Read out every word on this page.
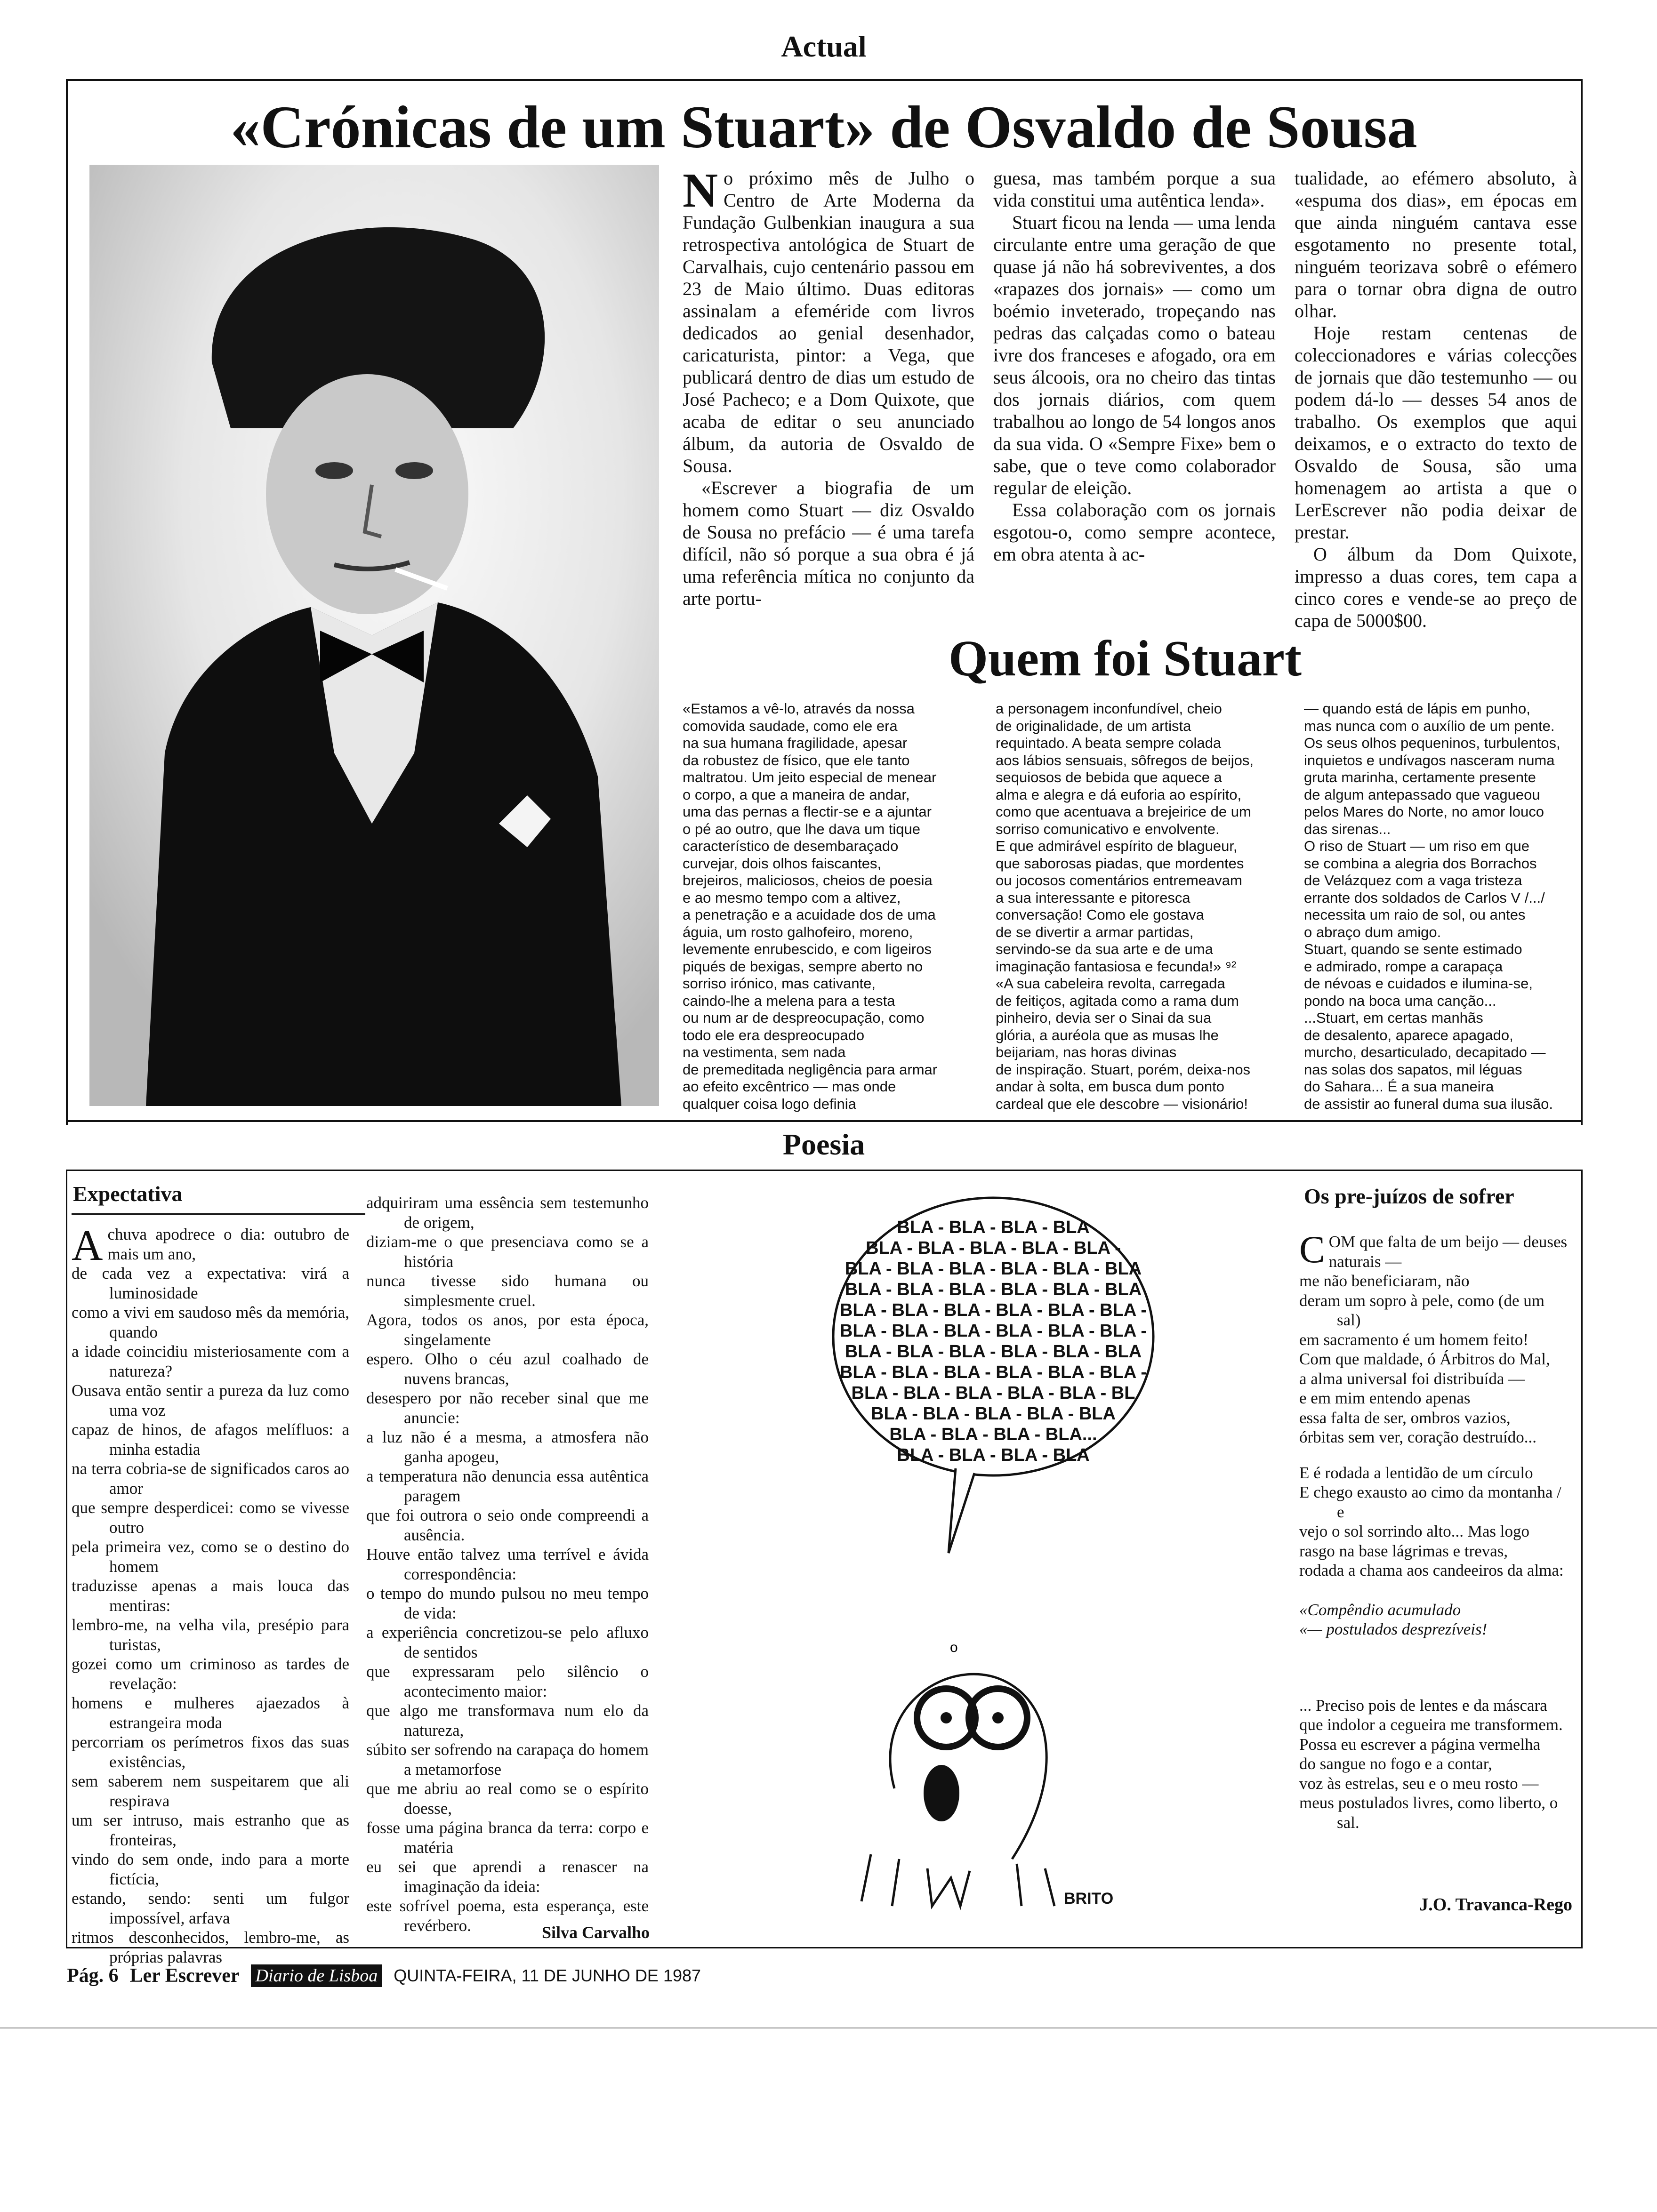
Actual
«Crónicas de um Stuart» de Osvaldo de Sousa
N o próximo mês de Julho o Centro de Arte Moderna da Fundação Gulbenkian inaugura a sua retrospectiva antológica de Stuart de Carvalhais, cujo centenário passou em 23 de Maio último. Duas editoras assinalam a efeméride com livros dedicados ao genial desenhador, caricaturista, pintor: a Vega, que publicará dentro de dias um estudo de José Pacheco; e a Dom Quixote, que acaba de editar o seu anunciado álbum, da autoria de Osvaldo de Sousa.

«Escrever a biografia de um homem como Stuart — diz Osvaldo de Sousa no prefácio — é uma tarefa difícil, não só porque a sua obra é já uma referência mítica no conjunto da arte portu-

guesa, mas também porque a sua vida constitui uma autêntica lenda».

Stuart ficou na lenda — uma lenda circulante entre uma geração de que quase já não há sobreviventes, a dos «rapazes dos jornais» — como um boémio inveterado, tropeçando nas pedras das calçadas como o bateau ivre dos franceses e afogado, ora em seus álcoois, ora no cheiro das tintas dos jornais diários, com quem trabalhou ao longo de 54 longos anos da sua vida. O «Sempre Fixe» bem o sabe, que o teve como colaborador regular de eleição.

Essa colaboração com os jornais esgotou-o, como sempre acontece, em obra atenta à ac-

tualidade, ao efémero absoluto, à «espuma dos dias», em épocas em que ainda ninguém cantava esse esgotamento no presente total, ninguém teorizava sobrê o efémero para o tornar obra digna de outro olhar.

Hoje restam centenas de coleccionadores e várias colecções de jornais que dão testemunho — ou podem dá-lo — desses 54 anos de trabalho. Os exemplos que aqui deixamos, e o extracto do texto de Osvaldo de Sousa, são uma homenagem ao artista a que o LerEscrever não podia deixar de prestar.

O álbum da Dom Quixote, impresso a duas cores, tem capa a cinco cores e vende-se ao preço de capa de 5000$00.

Quem foi Stuart
«Estamos a vê-lo, através da nossa
comovida saudade, como ele era
na sua humana fragilidade, apesar
da robustez de físico, que ele tanto
maltratou. Um jeito especial de menear
o corpo, a que a maneira de andar,
uma das pernas a flectir-se e a ajuntar
o pé ao outro, que lhe dava um tique
característico de desembaraçado
curvejar, dois olhos faiscantes,
brejeiros, maliciosos, cheios de poesia
e ao mesmo tempo com a altivez,
a penetração e a acuidade dos de uma
águia, um rosto galhofeiro, moreno,
levemente enrubescido, e com ligeiros
piqués de bexigas, sempre aberto no
sorriso irónico, mas cativante,
caindo-lhe a melena para a testa
ou num ar de despreocupação, como
todo ele era despreocupado
na vestimenta, sem nada
de premeditada negligência para armar
ao efeito excêntrico — mas onde
qualquer coisa logo definia
a personagem inconfundível, cheio
de originalidade, de um artista
requintado. A beata sempre colada
aos lábios sensuais, sôfregos de beijos,
sequiosos de bebida que aquece a
alma e alegra e dá euforia ao espírito,
como que acentuava a brejeirice de um
sorriso comunicativo e envolvente.
E que admirável espírito de blagueur,
que saborosas piadas, que mordentes
ou jocosos comentários entremeavam
a sua interessante e pitoresca
conversação! Como ele gostava
de se divertir a armar partidas,
servindo-se da sua arte e de uma
imaginação fantasiosa e fecunda!» ⁹²
«A sua cabeleira revolta, carregada
de feitiços, agitada como a rama dum
pinheiro, devia ser o Sinai da sua
glória, a auréola que as musas lhe
beijariam, nas horas divinas
de inspiração. Stuart, porém, deixa-nos
andar à solta, em busca dum ponto
cardeal que ele descobre — visionário!
— quando está de lápis em punho,
mas nunca com o auxílio de um pente.
Os seus olhos pequeninos, turbulentos,
inquietos e undívagos nasceram numa
gruta marinha, certamente presente
de algum antepassado que vagueou
pelos Mares do Norte, no amor louco
das sirenas...
O riso de Stuart — um riso em que
se combina a alegria dos Borrachos
de Velázquez com a vaga tristeza
errante dos soldados de Carlos V /.../
necessita um raio de sol, ou antes
o abraço dum amigo.
Stuart, quando se sente estimado
e admirado, rompe a carapaça
de névoas e cuidados e ilumina-se,
pondo na boca uma canção...
...Stuart, em certas manhãs
de desalento, aparece apagado,
murcho, desarticulado, decapitado —
nas solas dos sapatos, mil léguas
do Sahara... É a sua maneira
de assistir ao funeral duma sua ilusão.
Poesia
Expectativa
Achuva apodrece o dia: outubro de mais um ano,
de cada vez a expectativa: virá a luminosidade
como a vivi em saudoso mês da memória, quando
a idade coincidiu misteriosamente com a natureza?
Ousava então sentir a pureza da luz como uma voz
capaz de hinos, de afagos melífluos: a minha estadia
na terra cobria-se de significados caros ao amor
que sempre desperdicei: como se vivesse outro
pela primeira vez, como se o destino do homem
traduzisse apenas a mais louca das mentiras:
lembro-me, na velha vila, presépio para turistas,
gozei como um criminoso as tardes de revelação:
homens e mulheres ajaezados à estrangeira moda
percorriam os perímetros fixos das suas existências,
sem saberem nem suspeitarem que ali respirava
um ser intruso, mais estranho que as fronteiras,
vindo do sem onde, indo para a morte fictícia,
estando, sendo: senti um fulgor impossível, arfava
ritmos desconhecidos, lembro-me, as próprias palavras
adquiriram uma essência sem testemunho de origem,
diziam-me o que presenciava como se a história
nunca tivesse sido humana ou simplesmente cruel.
Agora, todos os anos, por esta época, singelamente
espero. Olho o céu azul coalhado de nuvens brancas,
desespero por não receber sinal que me anuncie:
a luz não é a mesma, a atmosfera não ganha apogeu,
a temperatura não denuncia essa autêntica paragem
que foi outrora o seio onde compreendi a ausência.
Houve então talvez uma terrível e ávida correspondência:
o tempo do mundo pulsou no meu tempo de vida:
a experiência concretizou-se pelo afluxo de sentidos
que expressaram pelo silêncio o acontecimento maior:
que algo me transformava num elo da natureza,
súbito ser sofrendo na carapaça do homem a metamorfose
que me abriu ao real como se o espírito doesse,
fosse uma página branca da terra: corpo e matéria
eu sei que aprendi a renascer na imaginação da ideia:
este sofrível poema, esta esperança, este revérbero.	Silva Carvalho
BLA - BLA - BLA - BLA
BLA - BLA - BLA - BLA - BLA -
BLA - BLA - BLA - BLA - BLA - BLA
BLA - BLA - BLA - BLA - BLA - BLA
BLA - BLA - BLA - BLA - BLA - BLA -
BLA - BLA - BLA - BLA - BLA - BLA -
BLA - BLA - BLA - BLA - BLA - BLA
BLA - BLA - BLA - BLA - BLA - BLA -
BLA - BLA - BLA - BLA - BLA - BL
BLA - BLA - BLA - BLA - BLA
BLA - BLA - BLA - BLA...
BLA - BLA - BLA - BLA
o
BRITO
Os pre-juízos de sofrer
COM que falta de um beijo — deuses naturais —
me não beneficiaram, não
deram um sopro à pele, como (de um sal)
em sacramento é um homem feito!
Com que maldade, ó Árbitros do Mal,
a alma universal foi distribuída —
e em mim entendo apenas
essa falta de ser, ombros vazios,
órbitas sem ver, coração destruído...
E é rodada a lentidão de um círculo
E chego exausto ao cimo da montanha / e
vejo o sol sorrindo alto... Mas logo
rasgo na base lágrimas e trevas,
rodada a chama aos candeeiros da alma:
«Compêndio acumulado
«— postulados desprezíveis!
... Preciso pois de lentes e da máscara
que indolor a cegueira me transformem.
Possa eu escrever a página vermelha
do sangue no fogo e a contar,
voz às estrelas, seu e o meu rosto —
meus postulados livres, como liberto, o sal.
J.O. Travanca-Rego
Pág. 6 Ler Escrever Diario de Lisboa QUINTA-FEIRA, 11 DE JUNHO DE 1987
